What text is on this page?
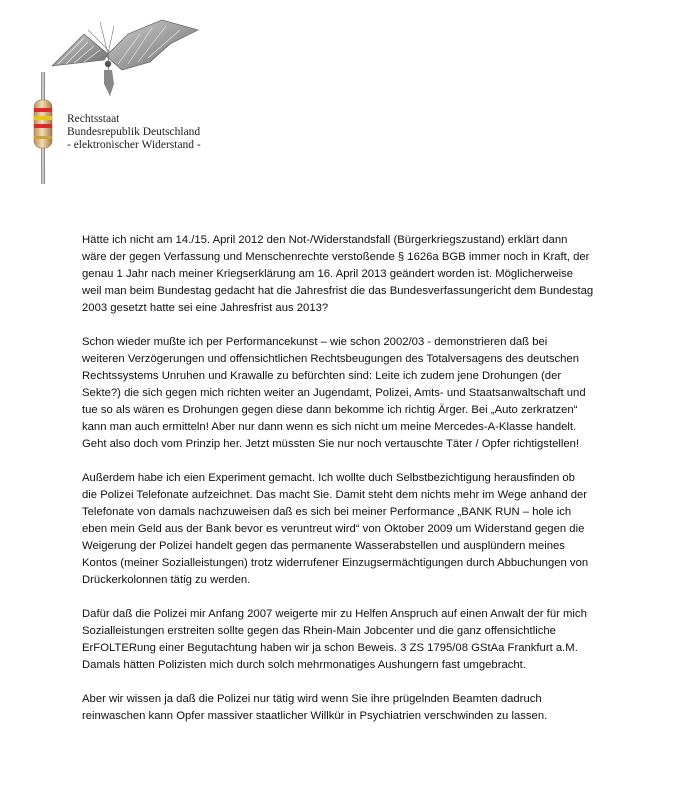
Rechtsstaat
Bundesrepublik Deutschland
- elektronischer Widerstand -
Hätte ich nicht am 14./15. April 2012 den Not-/Widerstandsfall (Bürgerkriegszustand) erklärt dann
wäre der gegen Verfassung und Menschenrechte verstoßende § 1626a BGB immer noch in Kraft, der
genau 1 Jahr nach meiner Kriegserklärung am 16. April 2013 geändert worden ist. Möglicherweise
weil man beim Bundestag gedacht hat die Jahresfrist die das Bundesverfassungericht dem Bundestag
2003 gesetzt hatte sei eine Jahresfrist aus 2013?
Schon wieder mußte ich per Performancekunst – wie schon 2002/03 - demonstrieren daß bei
weiteren Verzögerungen und offensichtlichen Rechtsbeugungen des Totalversagens des deutschen
Rechtssystems Unruhen und Krawalle zu befürchten sind: Leite ich zudem jene Drohungen (der
Sekte?) die sich gegen mich richten weiter an Jugendamt, Polizei, Amts- und Staatsanwaltschaft und
tue so als wären es Drohungen gegen diese dann bekomme ich richtig Ärger. Bei „Auto zerkratzen“
kann man auch ermitteln! Aber nur dann wenn es sich nicht um meine Mercedes-A-Klasse handelt.
Geht also doch vom Prinzip her. Jetzt müssten Sie nur noch vertauschte Täter / Opfer richtigstellen!
Außerdem habe ich eien Experiment gemacht. Ich wollte duch Selbstbezichtigung herausfinden ob
die Polizei Telefonate aufzeichnet. Das macht Sie. Damit steht dem nichts mehr im Wege anhand der
Telefonate von damals nachzuweisen daß es sich bei meiner Performance „BANK RUN – hole ich
eben mein Geld aus der Bank bevor es veruntreut wird“ von Oktober 2009 um Widerstand gegen die
Weigerung der Polizei handelt gegen das permanente Wasserabstellen und ausplündern meines
Kontos (meiner Sozialleistungen) trotz widerrufener Einzugsermächtigungen durch Abbuchungen von
Drückerkolonnen tätig zu werden.
Dafür daß die Polizei mir Anfang 2007 weigerte mir zu Helfen Anspruch auf einen Anwalt der für mich
Sozialleistungen erstreiten sollte gegen das Rhein-Main Jobcenter und die ganz offensichtliche
ErFOLTERung einer Begutachtung haben wir ja schon Beweis. 3 ZS 1795/08 GStAa Frankfurt a.M.
Damals hätten Polizisten mich durch solch mehrmonatiges Aushungern fast umgebracht.
Aber wir wissen ja daß die Polizei nur tätig wird wenn Sie ihre prügelnden Beamten dadruch
reinwaschen kann Opfer massiver staatlicher Willkür in Psychiatrien verschwinden zu lassen.
